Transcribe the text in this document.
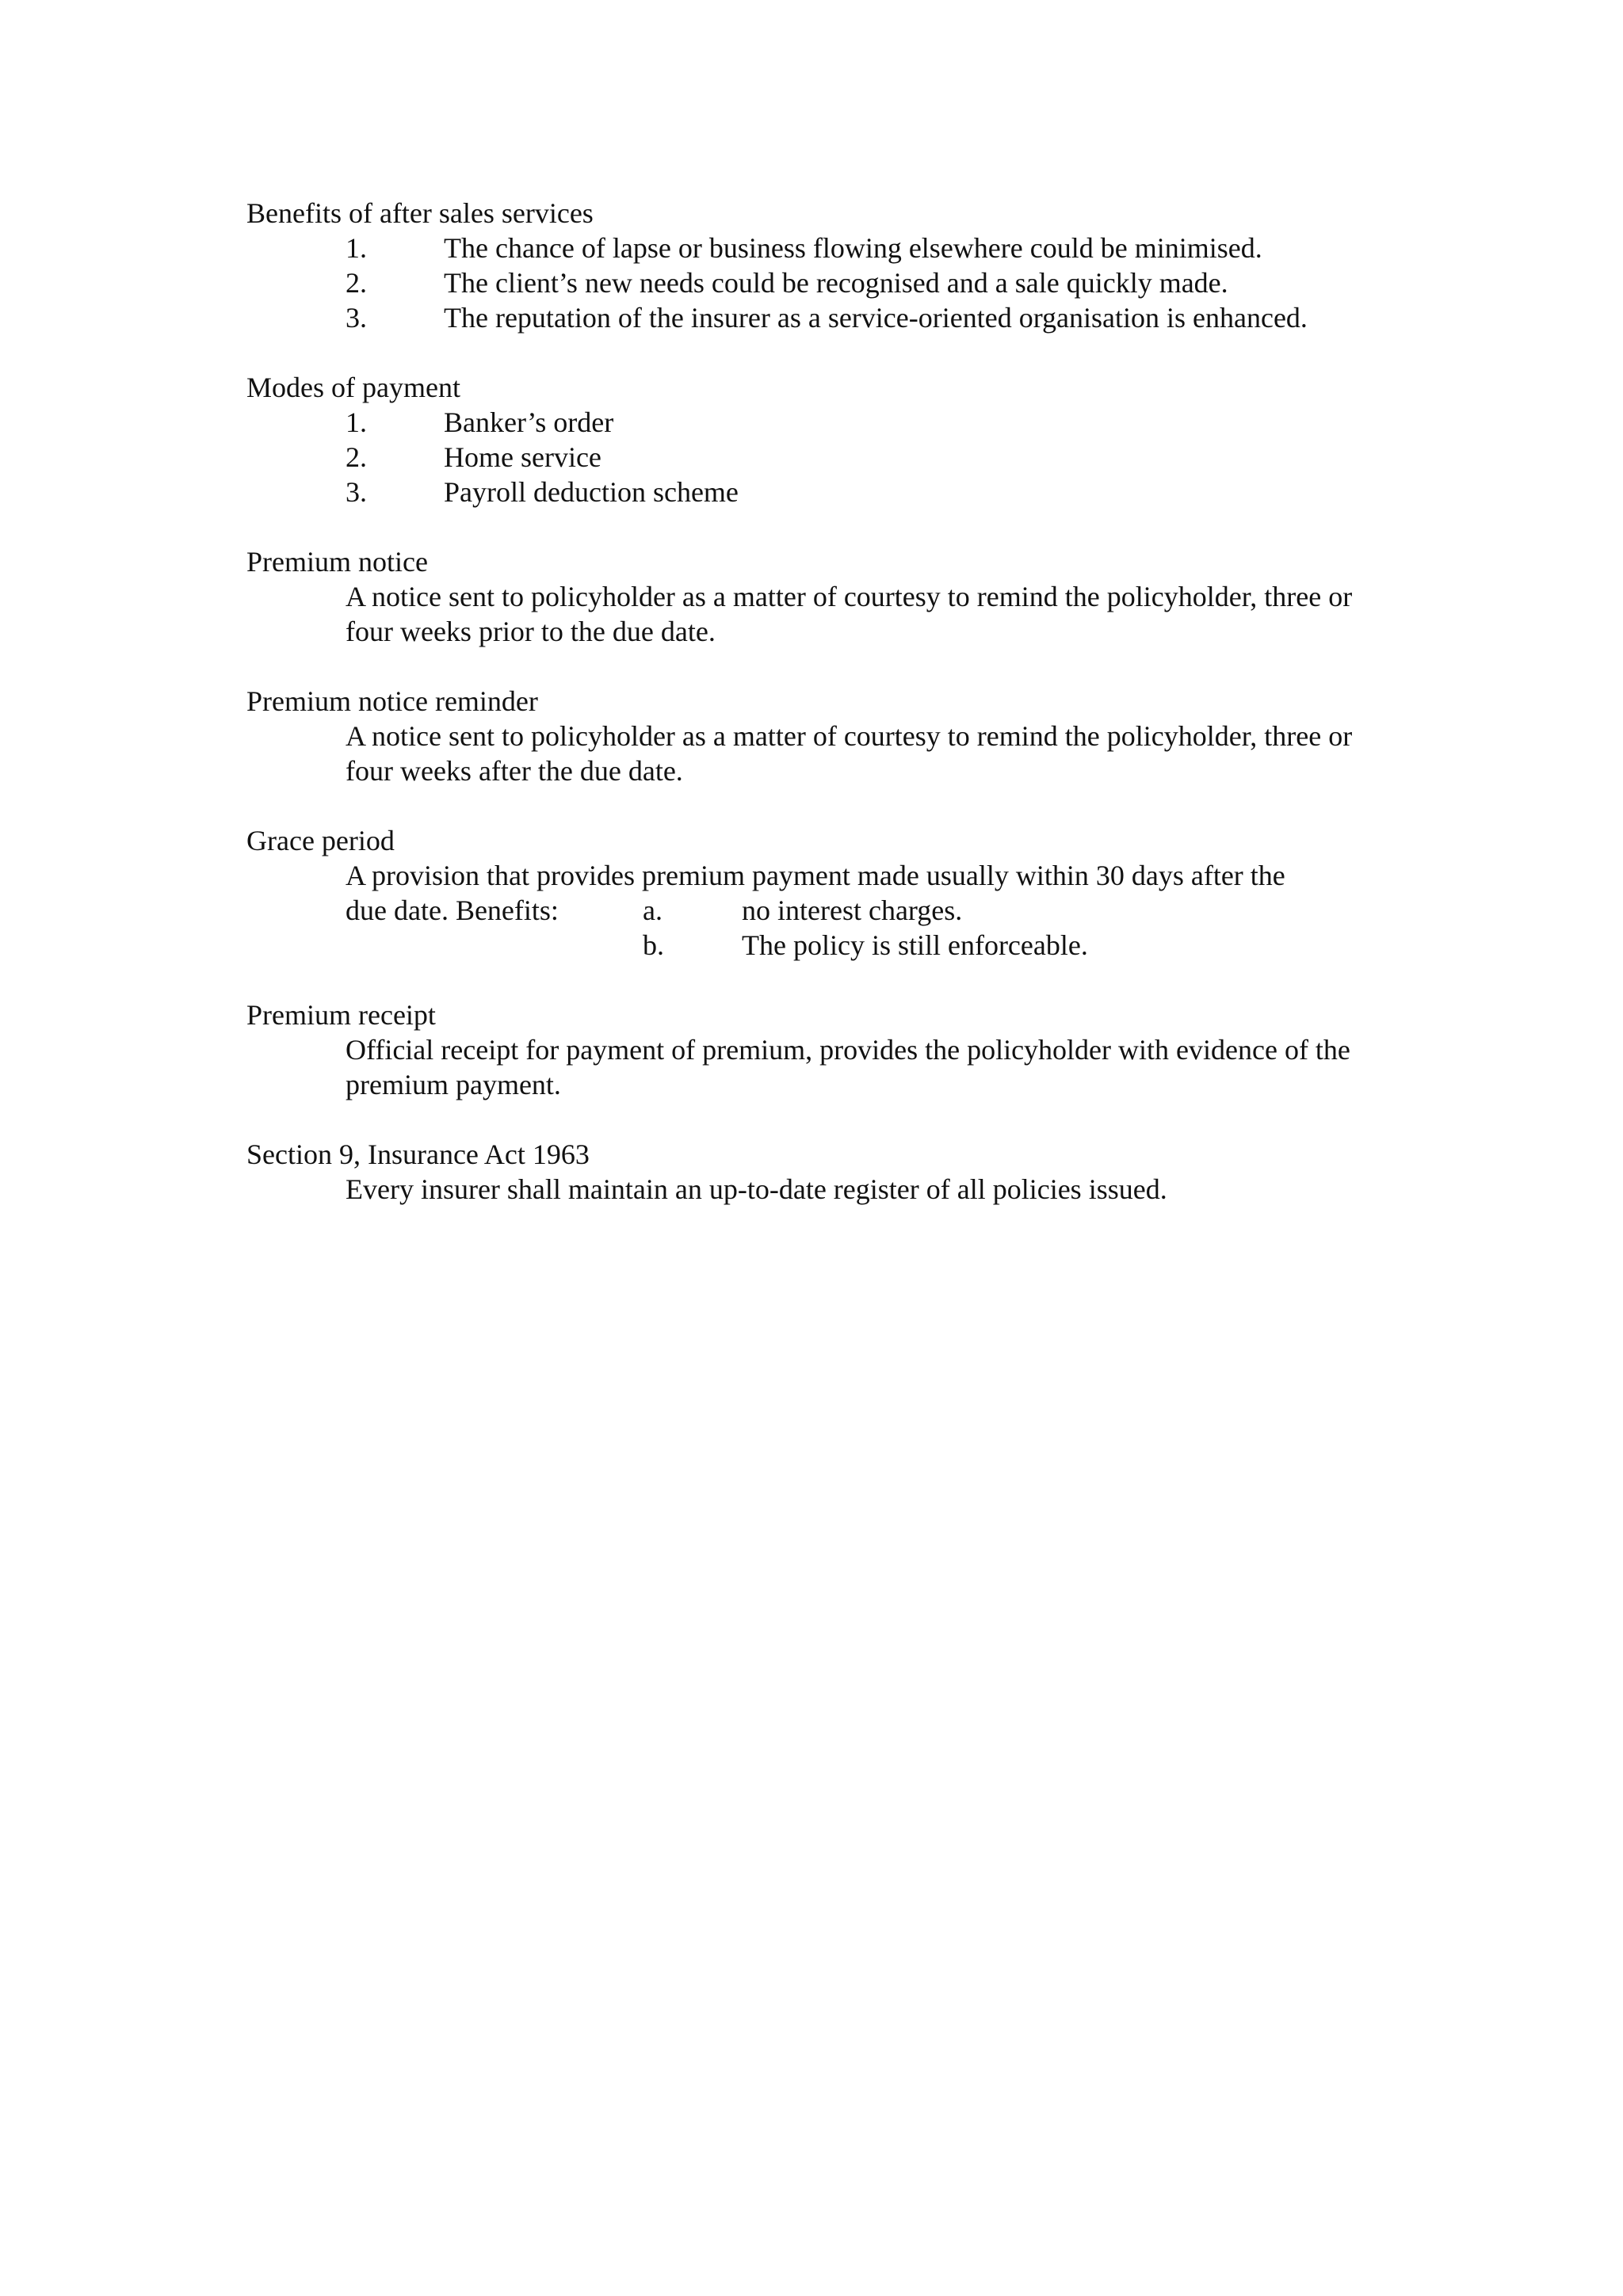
Benefits of after sales services
1.	The chance of lapse or business flowing elsewhere could be minimised.
2.	The client’s new needs could be recognised and a sale quickly made.
3.	The reputation of the insurer as a service-oriented organisation is enhanced.
Modes of payment
1.	Banker’s order
2.	Home service
3.	Payroll deduction scheme
Premium notice
A notice sent to policyholder as a matter of courtesy to remind the policyholder, three or four weeks prior to the due date.
Premium notice reminder
A notice sent to policyholder as a matter of courtesy to remind the policyholder, three or four weeks after the due date.
Grace period
A provision that provides premium payment made usually within 30 days after the
due date. Benefits:	a.	no interest charges.
b.	The policy is still enforceable.
Premium receipt
Official receipt for payment of premium, provides the policyholder with evidence of the premium payment.
Section 9, Insurance Act 1963
Every insurer shall maintain an up-to-date register of all policies issued.
